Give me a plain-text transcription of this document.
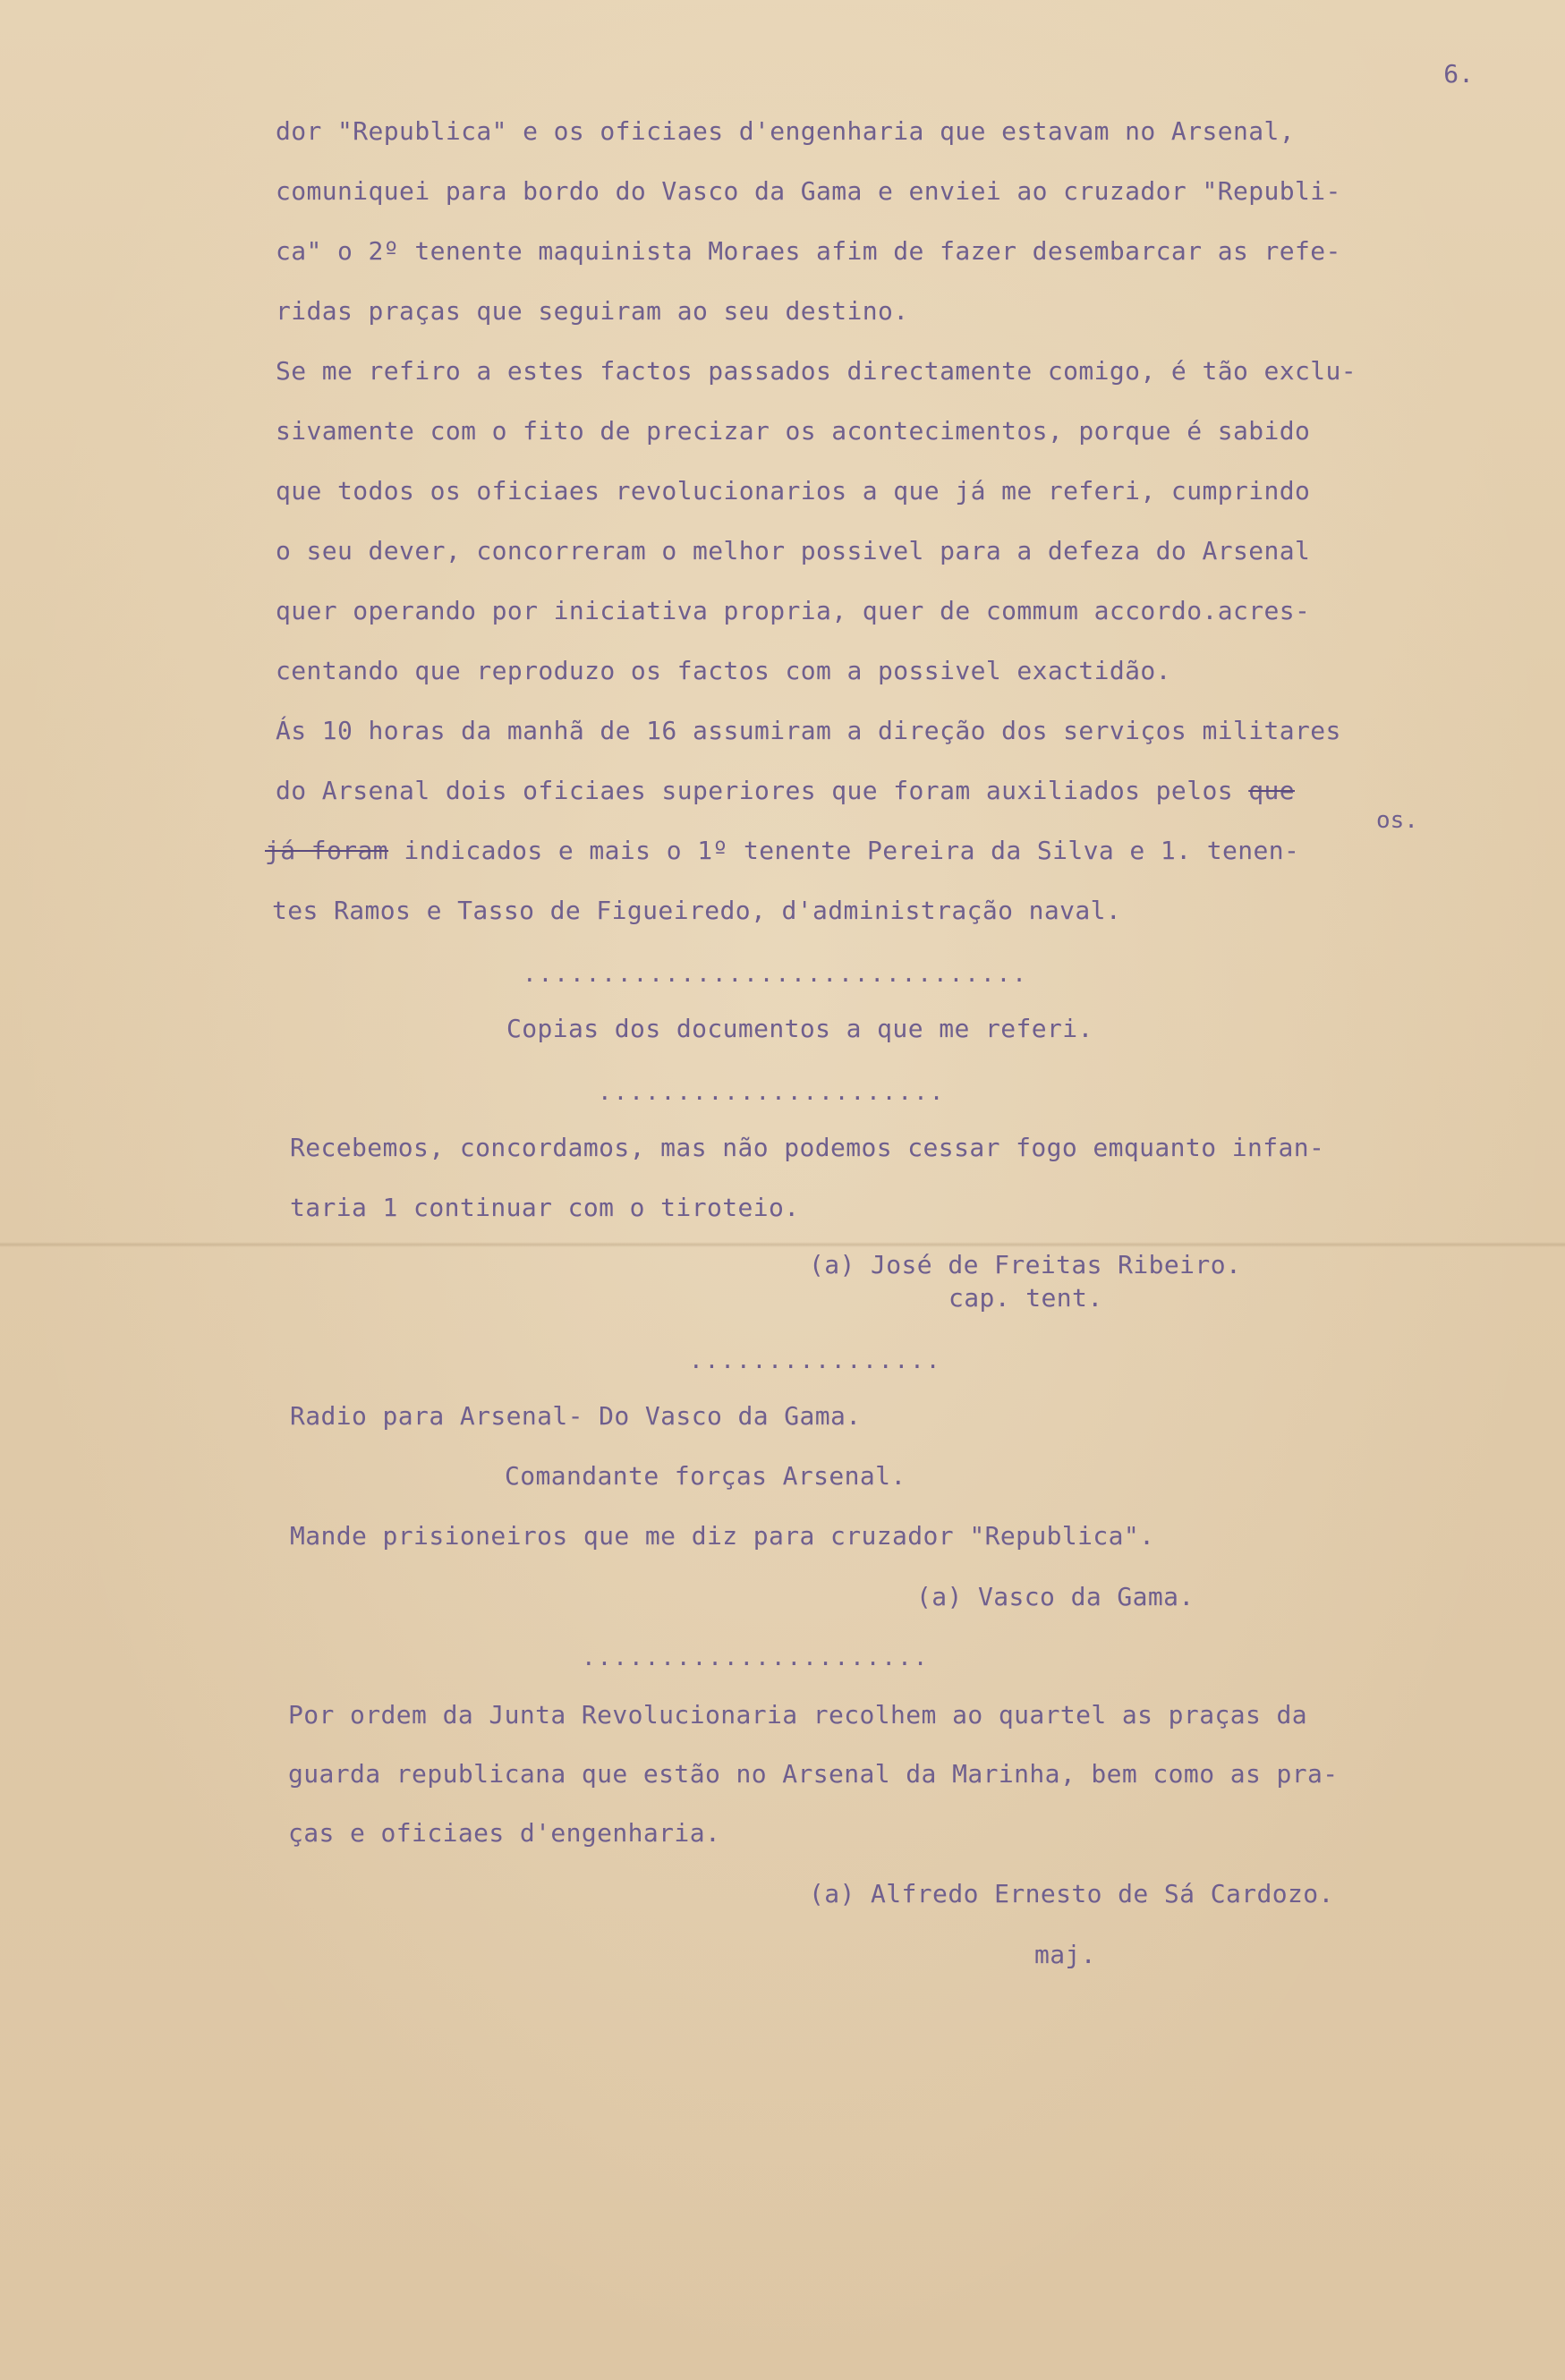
6.
dor "Republica" e os oficiaes d'engenharia que estavam no Arsenal,
comuniquei para bordo do Vasco da Gama e enviei ao cruzador "Republi-
ca" o 2º tenente maquinista Moraes afim de fazer desembarcar as refe-
ridas praças que seguiram ao seu destino.
Se me refiro a estes factos passados directamente comigo, é tão exclu-
sivamente com o fito de precizar os acontecimentos, porque é sabido
que todos os oficiaes revolucionarios a que já me referi, cumprindo
o seu dever, concorreram o melhor possivel para a defeza do Arsenal
quer operando por iniciativa propria, quer de commum accordo.acres-
centando que reproduzo os factos com a possivel exactidão.
Ás 10 horas da manhã de 16 assumiram a direção dos serviços militares
do Arsenal dois oficiaes superiores que foram auxiliados pelos que
os.
já foram indicados e mais o 1º tenente Pereira da Silva e 1. tenen-
tes Ramos e Tasso de Figueiredo, d'administração naval.
................................
Copias dos documentos a que me referi.
......................
Recebemos, concordamos, mas não podemos cessar fogo emquanto infan-
taria 1 continuar com o tiroteio.
(a) José de Freitas Ribeiro.
cap. tent.
................
Radio para Arsenal- Do Vasco da Gama.
Comandante forças Arsenal.
Mande prisioneiros que me diz para cruzador "Republica".
(a) Vasco da Gama.
......................
Por ordem da Junta Revolucionaria recolhem ao quartel as praças da
guarda republicana que estão no Arsenal da Marinha, bem como as pra-
ças e oficiaes d'engenharia.
(a) Alfredo Ernesto de Sá Cardozo.
maj.
